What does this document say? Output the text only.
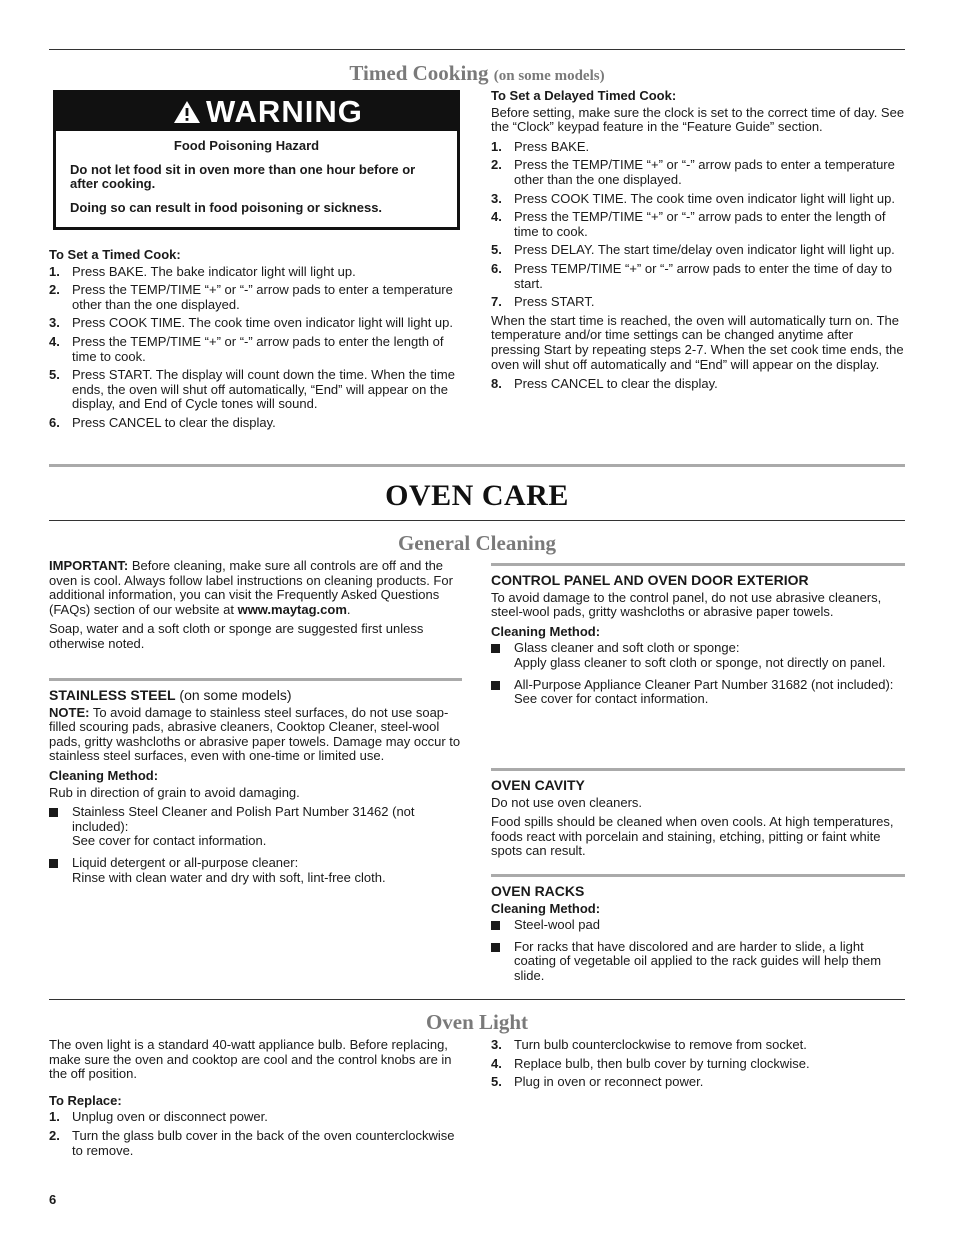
Timed Cooking (on some models)
WARNING

Food Poisoning Hazard

Do not let food sit in oven more than one hour before or after cooking.

Doing so can result in food poisoning or sickness.

To Set a Timed Cook:
1. Press BAKE. The bake indicator light will light up.
2. Press the TEMP/TIME “+” or “-” arrow pads to enter a temperature other than the one displayed.
3. Press COOK TIME. The cook time oven indicator light will light up.
4. Press the TEMP/TIME “+” or “-” arrow pads to enter the length of time to cook.
5. Press START. The display will count down the time. When the time ends, the oven will shut off automatically, “End” will appear on the display, and End of Cycle tones will sound.
6. Press CANCEL to clear the display.
To Set a Delayed Timed Cook:

Before setting, make sure the clock is set to the correct time of day. See the “Clock” keypad feature in the “Feature Guide” section.

1. Press BAKE.
2. Press the TEMP/TIME “+” or “-” arrow pads to enter a temperature other than the one displayed.
3. Press COOK TIME. The cook time oven indicator light will light up.
4. Press the TEMP/TIME “+” or “-” arrow pads to enter the length of time to cook.
5. Press DELAY. The start time/delay oven indicator light will light up.
6. Press TEMP/TIME “+” or “-” arrow pads to enter the time of day to start.
7. Press START.

When the start time is reached, the oven will automatically turn on. The temperature and/or time settings can be changed anytime after pressing Start by repeating steps 2-7. When the set cook time ends, the oven will shut off automatically and “End” will appear on the display.

8. Press CANCEL to clear the display.
OVEN CARE
General Cleaning

IMPORTANT: Before cleaning, make sure all controls are off and the oven is cool. Always follow label instructions on cleaning products. For additional information, you can visit the Frequently Asked Questions (FAQs) section of our website at www.maytag.com.

Soap, water and a soft cloth or sponge are suggested first unless otherwise noted.

STAINLESS STEEL (on some models)

NOTE: To avoid damage to stainless steel surfaces, do not use soap-filled scouring pads, abrasive cleaners, Cooktop Cleaner, steel-wool pads, gritty washcloths or abrasive paper towels. Damage may occur to stainless steel surfaces, even with one-time or limited use.

Cleaning Method:

Rub in direction of grain to avoid damaging.

Stainless Steel Cleaner and Polish Part Number 31462 (not included):
See cover for contact information.
Liquid detergent or all-purpose cleaner:
Rinse with clean water and dry with soft, lint-free cloth.
CONTROL PANEL AND OVEN DOOR EXTERIOR

To avoid damage to the control panel, do not use abrasive cleaners, steel-wool pads, gritty washcloths or abrasive paper towels.

Cleaning Method:
Glass cleaner and soft cloth or sponge:
Apply glass cleaner to soft cloth or sponge, not directly on panel.
All-Purpose Appliance Cleaner Part Number 31682 (not included):
See cover for contact information.
OVEN CAVITY

Do not use oven cleaners.

Food spills should be cleaned when oven cools. At high temperatures, foods react with porcelain and staining, etching, pitting or faint white spots can result.

OVEN RACKS
Cleaning Method:
Steel-wool pad
For racks that have discolored and are harder to slide, a light coating of vegetable oil applied to the rack guides will help them slide.
Oven Light

The oven light is a standard 40-watt appliance bulb. Before replacing, make sure the oven and cooktop are cool and the control knobs are in the off position.

To Replace:
1. Unplug oven or disconnect power.
2. Turn the glass bulb cover in the back of the oven counterclockwise to remove.
3. Turn bulb counterclockwise to remove from socket.
4. Replace bulb, then bulb cover by turning clockwise.
5. Plug in oven or reconnect power.
6
